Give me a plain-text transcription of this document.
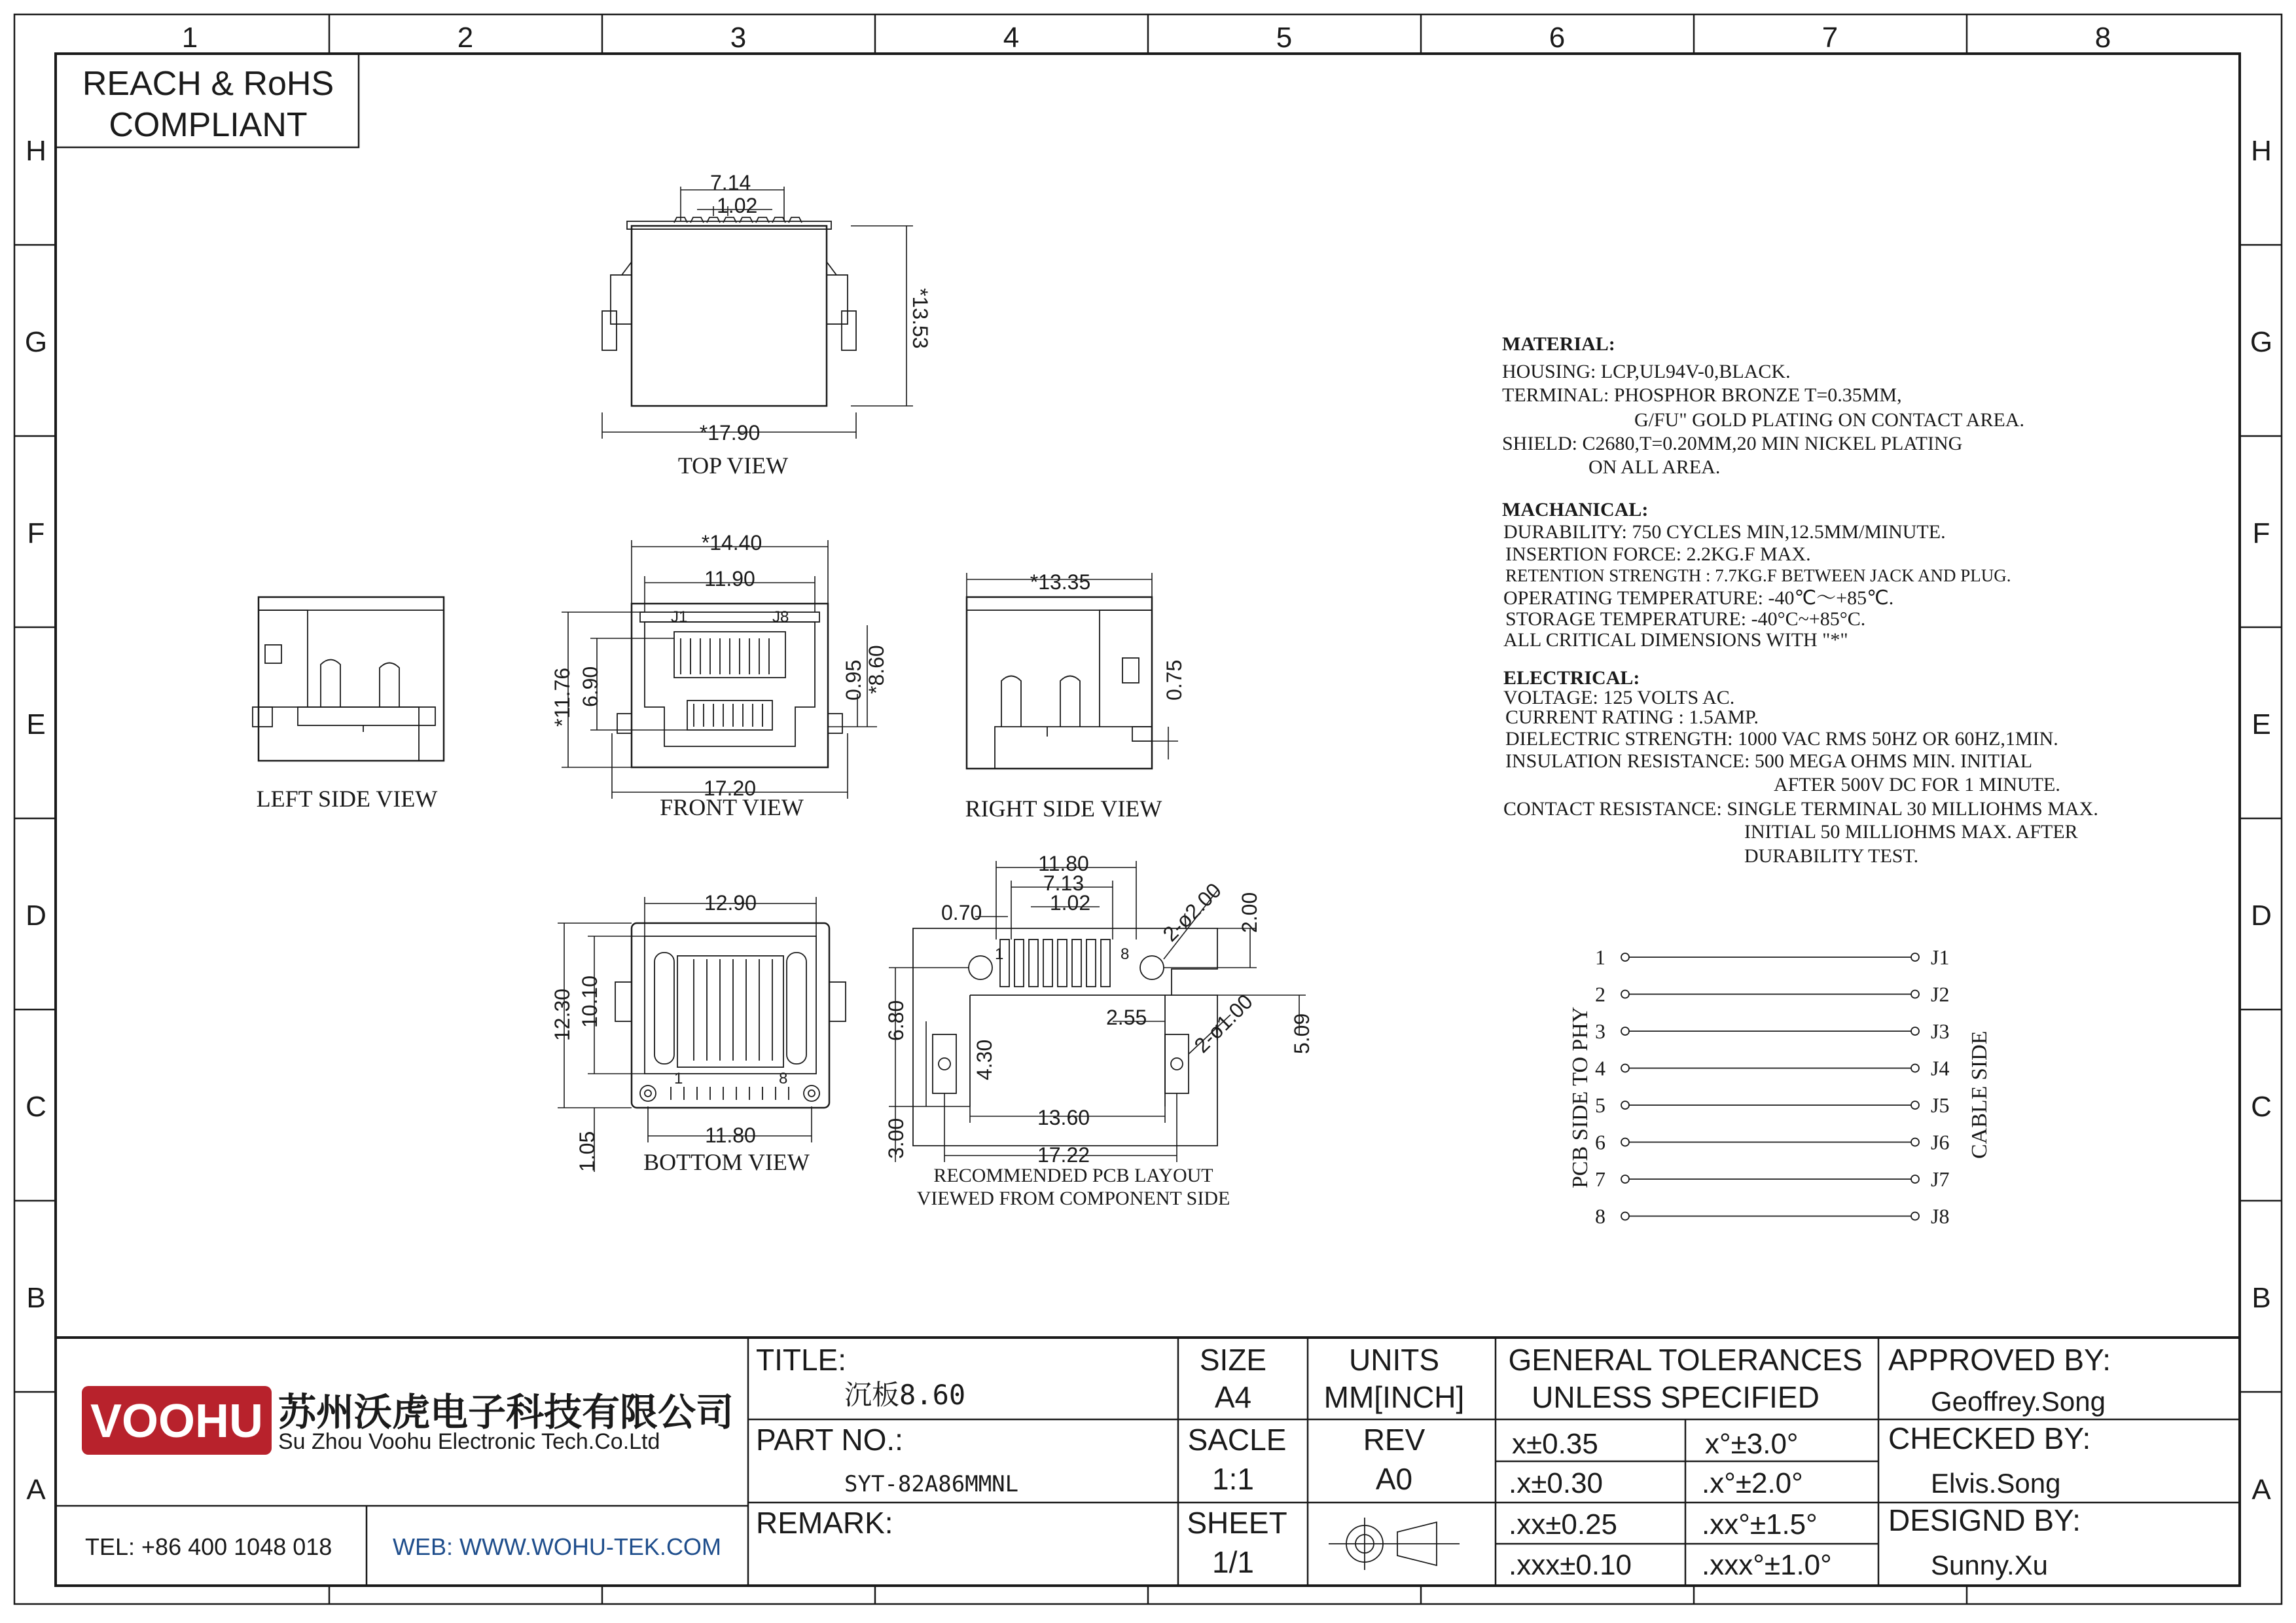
1	2	3	4	5	6	7	8
H
G
F
E
D
C
B
A
H
G
F
E
D
C
B
A
REACH & RoHS
COMPLIANT
7.14
1.02
*13.53
*17.90
TOP VIEW
LEFT SIDE VIEW
*14.40
11.90
17.20
*11.76 6.90	0.95 *8.60
J1	J8
FRONT VIEW
*13.35
0.75
RIGHT SIDE VIEW
12.90
11.80
12.30 10.10
1.05
1	8
BOTTOM VIEW
11.80
7.13
1.02
0.70	2-ø2.00 2.00
2.55 2-ø1.00 5.09
6.80
4.30
13.60
17.22
3.00
1	8
RECOMMENDED PCB LAYOUT
VIEWED FROM COMPONENT SIDE
MATERIAL:
HOUSING: LCP,UL94V-0,BLACK.
TERMINAL: PHOSPHOR BRONZE T=0.35MM,
G/FU" GOLD PLATING ON CONTACT AREA.
SHIELD: C2680,T=0.20MM,20 MIN NICKEL PLATING
ON ALL AREA.
MACHANICAL:
DURABILITY: 750 CYCLES MIN,12.5MM/MINUTE.
INSERTION FORCE: 2.2KG.F MAX.
RETENTION STRENGTH : 7.7KG.F BETWEEN JACK AND PLUG.
OPERATING TEMPERATURE: -40℃～+85℃.
STORAGE TEMPERATURE: -40°C~+85°C.
ALL CRITICAL DIMENSIONS WITH "*"
ELECTRICAL:
VOLTAGE: 125 VOLTS AC.
CURRENT RATING : 1.5AMP.
DIELECTRIC STRENGTH: 1000 VAC RMS 50HZ OR 60HZ,1MIN.
INSULATION RESISTANCE: 500 MEGA OHMS MIN. INITIAL
AFTER 500V DC FOR 1 MINUTE.
CONTACT RESISTANCE: SINGLE TERMINAL 30 MILLIOHMS MAX.
INITIAL 50 MILLIOHMS MAX. AFTER
DURABILITY TEST.
PCB SIDE TO PHY	CABLE SIDE
1	J1
2	J2
3	J3
4	J4
5	J5
6	J6
7	J7
8	J8
VOOHU 苏州沃虎电子科技有限公司
Su Zhou Voohu Electronic Tech.Co.Ltd
TEL: +86 400 1048 018	WEB: WWW.WOHU-TEK.COM
TITLE:
沉板8.60
PART NO.:
SYT-82A86MMNL
REMARK:
SIZE
A4
UNITS
MM[INCH]
SACLE
1:1
REV
A0
SHEET
1/1
GENERAL TOLERANCES
UNLESS SPECIFIED
x±0.35	x°±3.0°
.x±0.30	.x°±2.0°
.xx±0.25	.xx°±1.5°
.xxx±0.10 .xxx°±1.0°
APPROVED BY:
Geoffrey.Song
CHECKED BY:
Elvis.Song
DESIGND BY:
Sunny.Xu
